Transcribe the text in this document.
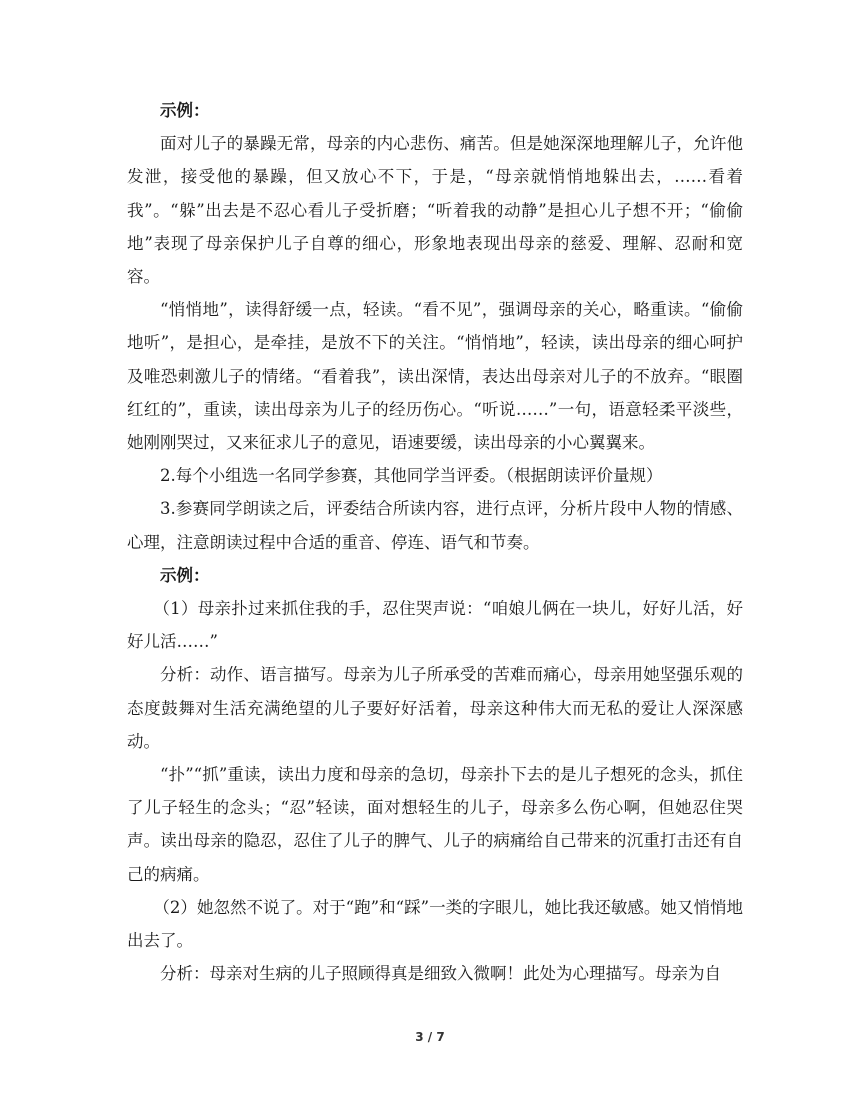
示例：

面对儿子的暴躁无常，母亲的内心悲伤、痛苦。但是她深深地理解儿子，允许他发泄，接受他的暴躁，但又放心不下，于是，“母亲就悄悄地躲出去，……看着我”。“躲”出去是不忍心看儿子受折磨；“听着我的动静”是担心儿子想不开；“偷偷地”表现了母亲保护儿子自尊的细心，形象地表现出母亲的慈爱、理解、忍耐和宽容。

“悄悄地”，读得舒缓一点，轻读。“看不见”，强调母亲的关心，略重读。“偷偷地听”，是担心，是牵挂，是放不下的关注。“悄悄地”，轻读，读出母亲的细心呵护及唯恐刺激儿子的情绪。“看着我”，读出深情，表达出母亲对儿子的不放弃。“眼圈红红的”，重读，读出母亲为儿子的经历伤心。“听说……”一句，语意轻柔平淡些，她刚刚哭过，又来征求儿子的意见，语速要缓，读出母亲的小心翼翼来。

2.每个小组选一名同学参赛，其他同学当评委。（根据朗读评价量规）

3.参赛同学朗读之后，评委结合所读内容，进行点评，分析片段中人物的情感、心理，注意朗读过程中合适的重音、停连、语气和节奏。

示例：

（1）母亲扑过来抓住我的手，忍住哭声说：“咱娘儿俩在一块儿，好好儿活，好好儿活……”

分析：动作、语言描写。母亲为儿子所承受的苦难而痛心，母亲用她坚强乐观的态度鼓舞对生活充满绝望的儿子要好好活着，母亲这种伟大而无私的爱让人深深感动。

“扑”“抓”重读，读出力度和母亲的急切，母亲扑下去的是儿子想死的念头，抓住了儿子轻生的念头；“忍”轻读，面对想轻生的儿子，母亲多么伤心啊，但她忍住哭声。读出母亲的隐忍，忍住了儿子的脾气、儿子的病痛给自己带来的沉重打击还有自己的病痛。

（2）她忽然不说了。对于“跑”和“踩”一类的字眼儿，她比我还敏感。她又悄悄地出去了。

分析：母亲对生病的儿子照顾得真是细致入微啊！此处为心理描写。母亲为自

3 / 7
